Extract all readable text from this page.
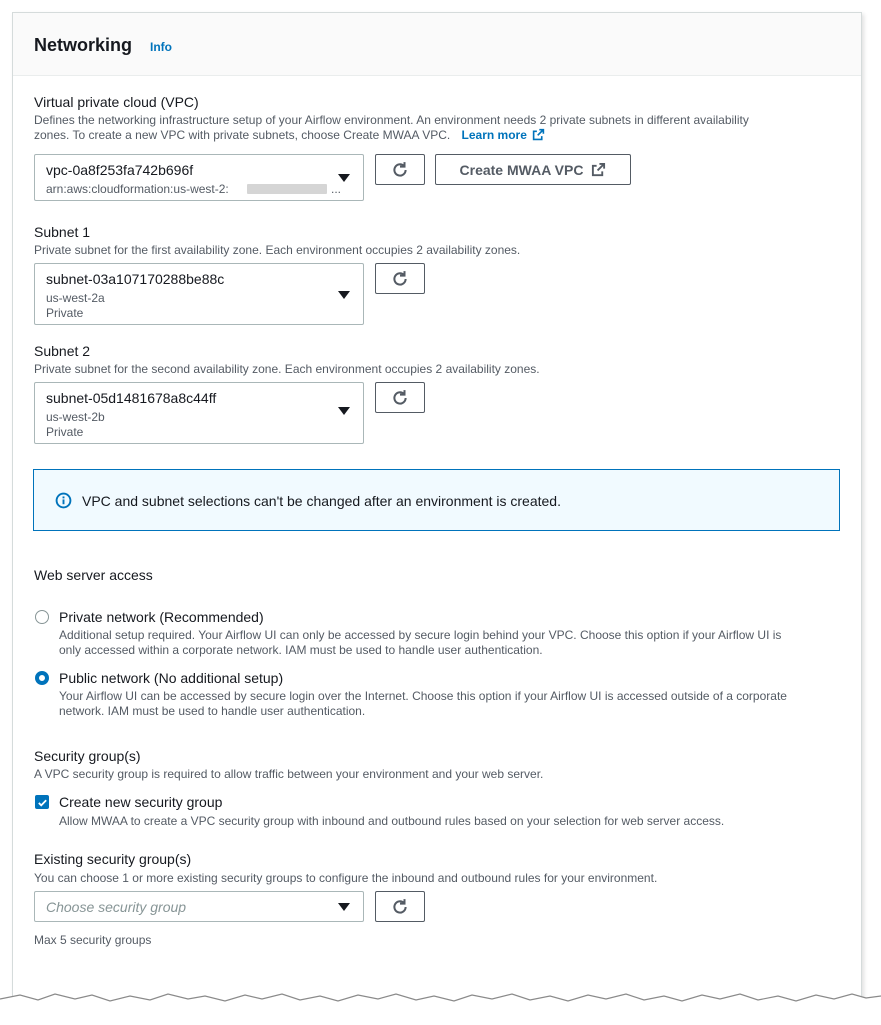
Networking Info
Virtual private cloud (VPC)
Defines the networking infrastructure setup of your Airflow environment. An environment needs 2 private subnets in different availability
zones. To create a new VPC with private subnets, choose Create MWAA VPC. Learn more
vpc-0a8f253fa742b696f
arn:aws:cloudformation:us-west-2:	...
Create MWAA VPC
Subnet 1
Private subnet for the first availability zone. Each environment occupies 2 availability zones.
subnet-03a107170288be88c
us-west-2a
Private
Subnet 2
Private subnet for the second availability zone. Each environment occupies 2 availability zones.
subnet-05d1481678a8c44ff
us-west-2b
Private
VPC and subnet selections can't be changed after an environment is created.
Web server access
Private network (Recommended)
Additional setup required. Your Airflow UI can only be accessed by secure login behind your VPC. Choose this option if your Airflow UI is
only accessed within a corporate network. IAM must be used to handle user authentication.
Public network (No additional setup)
Your Airflow UI can be accessed by secure login over the Internet. Choose this option if your Airflow UI is accessed outside of a corporate
network. IAM must be used to handle user authentication.
Security group(s)
A VPC security group is required to allow traffic between your environment and your web server.
Create new security group
Allow MWAA to create a VPC security group with inbound and outbound rules based on your selection for web server access.
Existing security group(s)
You can choose 1 or more existing security groups to configure the inbound and outbound rules for your environment.
Choose security group
Max 5 security groups
